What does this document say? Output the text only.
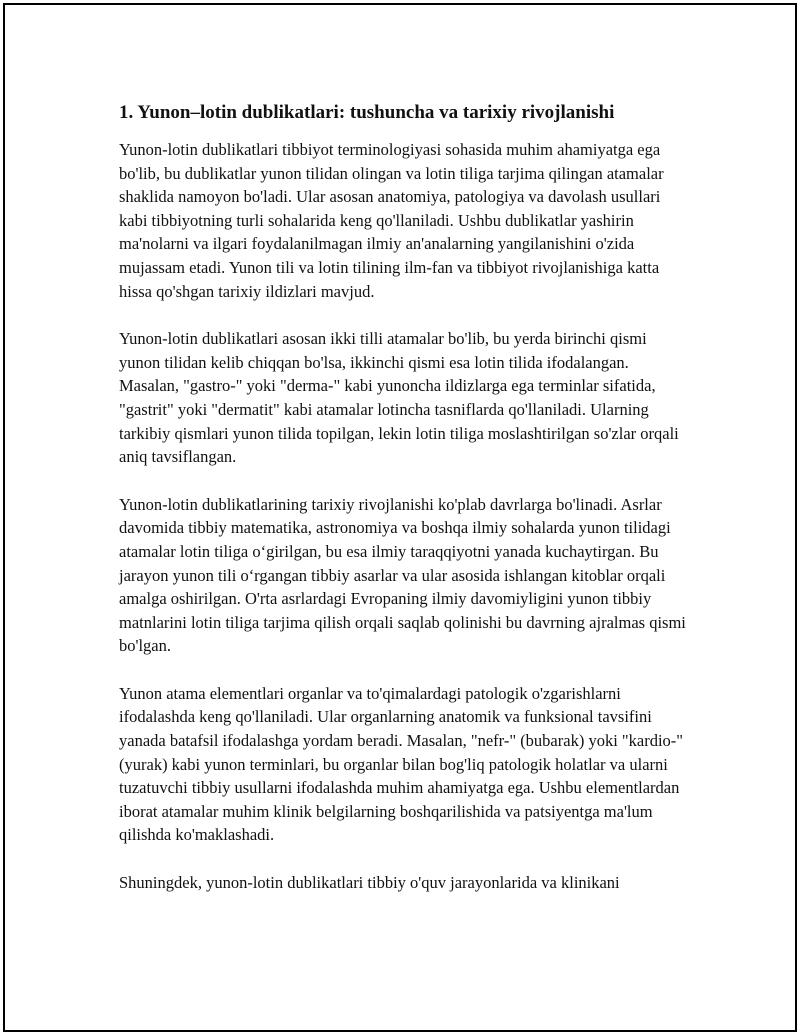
1. Yunon–lotin dublikatlari: tushuncha va tarixiy rivojlanishi

Yunon-lotin dublikatlari tibbiyot terminologiyasi sohasida muhim ahamiyatga ega bo'lib, bu dublikatlar yunon tilidan olingan va lotin tiliga tarjima qilingan atamalar shaklida namoyon bo'ladi. Ular asosan anatomiya, patologiya va davolash usullari kabi tibbiyotning turli sohalarida keng qo'llaniladi. Ushbu dublikatlar yashirin ma'nolarni va ilgari foydalanilmagan ilmiy an'analarning yangilanishini o'zida mujassam etadi. Yunon tili va lotin tilining ilm-fan va tibbiyot rivojlanishiga katta hissa qo'shgan tarixiy ildizlari mavjud.

Yunon-lotin dublikatlari asosan ikki tilli atamalar bo'lib, bu yerda birinchi qismi yunon tilidan kelib chiqqan bo'lsa, ikkinchi qismi esa lotin tilida ifodalangan. Masalan, "gastro-" yoki "derma-" kabi yunoncha ildizlarga ega terminlar sifatida, "gastrit" yoki "dermatit" kabi atamalar lotincha tasniflarda qo'llaniladi. Ularning tarkibiy qismlari yunon tilida topilgan, lekin lotin tiliga moslashtirilgan so'zlar orqali aniq tavsiflangan.

Yunon-lotin dublikatlarining tarixiy rivojlanishi ko'plab davrlarga bo'linadi. Asrlar davomida tibbiy matematika, astronomiya va boshqa ilmiy sohalarda yunon tilidagi atamalar lotin tiliga o‘girilgan, bu esa ilmiy taraqqiyotni yanada kuchaytirgan. Bu jarayon yunon tili o‘rgangan tibbiy asarlar va ular asosida ishlangan kitoblar orqali amalga oshirilgan. O'rta asrlardagi Evropaning ilmiy davomiyligini yunon tibbiy matnlarini lotin tiliga tarjima qilish orqali saqlab qolinishi bu davrning ajralmas qismi bo'lgan.

Yunon atama elementlari organlar va to'qimalardagi patologik o'zgarishlarni ifodalashda keng qo'llaniladi. Ular organlarning anatomik va funksional tavsifini yanada batafsil ifodalashga yordam beradi. Masalan, "nefr-" (bubarak) yoki "kardio-" (yurak) kabi yunon terminlari, bu organlar bilan bog'liq patologik holatlar va ularni tuzatuvchi tibbiy usullarni ifodalashda muhim ahamiyatga ega. Ushbu elementlardan iborat atamalar muhim klinik belgilarning boshqarilishida va patsiyentga ma'lum qilishda ko'maklashadi.

Shuningdek, yunon-lotin dublikatlari tibbiy o'quv jarayonlarida va klinikani
